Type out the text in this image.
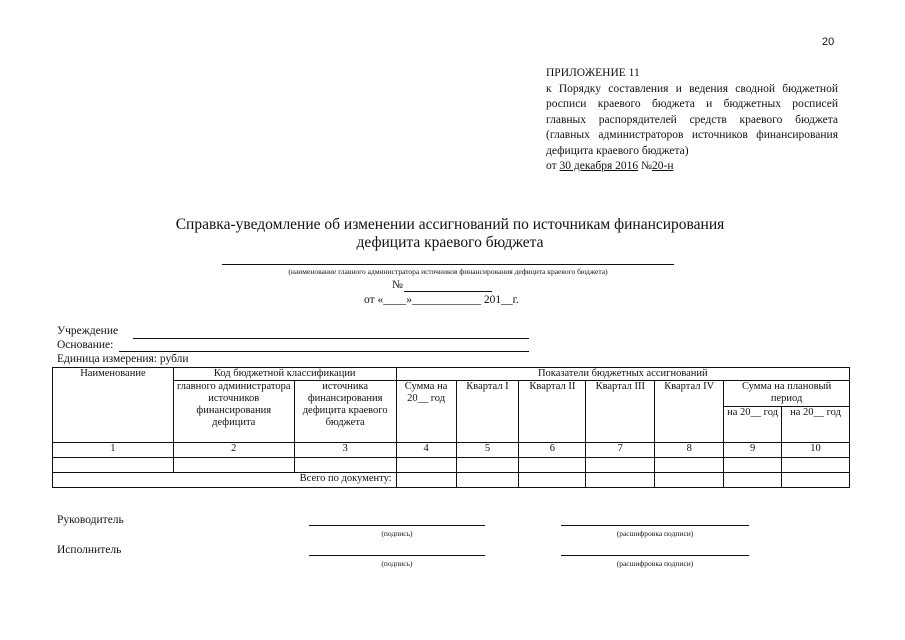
20
ПРИЛОЖЕНИЕ 11
к Порядку составления и ведения сводной бюджетной росписи краевого бюджета и бюджетных росписей главных распорядителей средств краевого бюджета (главных администраторов источников финансирования дефицита краевого бюджета)
от 30 декабря 2016 №20-н
Справка-уведомление об изменении ассигнований по источникам финансирования
дефицита краевого бюджета
(наименование главного администратора источников финансирования дефицита краевого бюджета)
№
от «____»____________ 201__г.
Учреждение
Основание:
Единица измерения: рубли
Наименование	Код бюджетной классификации		Показатели бюджетных ассигнований						
	главного администратора источников финансирования дефицита	источника финансирования дефицита краевого бюджета	Сумма на 20__ год	Квартал I	Квартал II	Квартал III	Квартал IV	Сумма на плановый период	
								на 20__ год	на 20__ год
1	2	3	4	5	6	7	8	9	10

Всего по документу:									
Руководитель
(подпись)	(расшифровка подписи)
Исполнитель
(подпись)	(расшифровка подписи)
